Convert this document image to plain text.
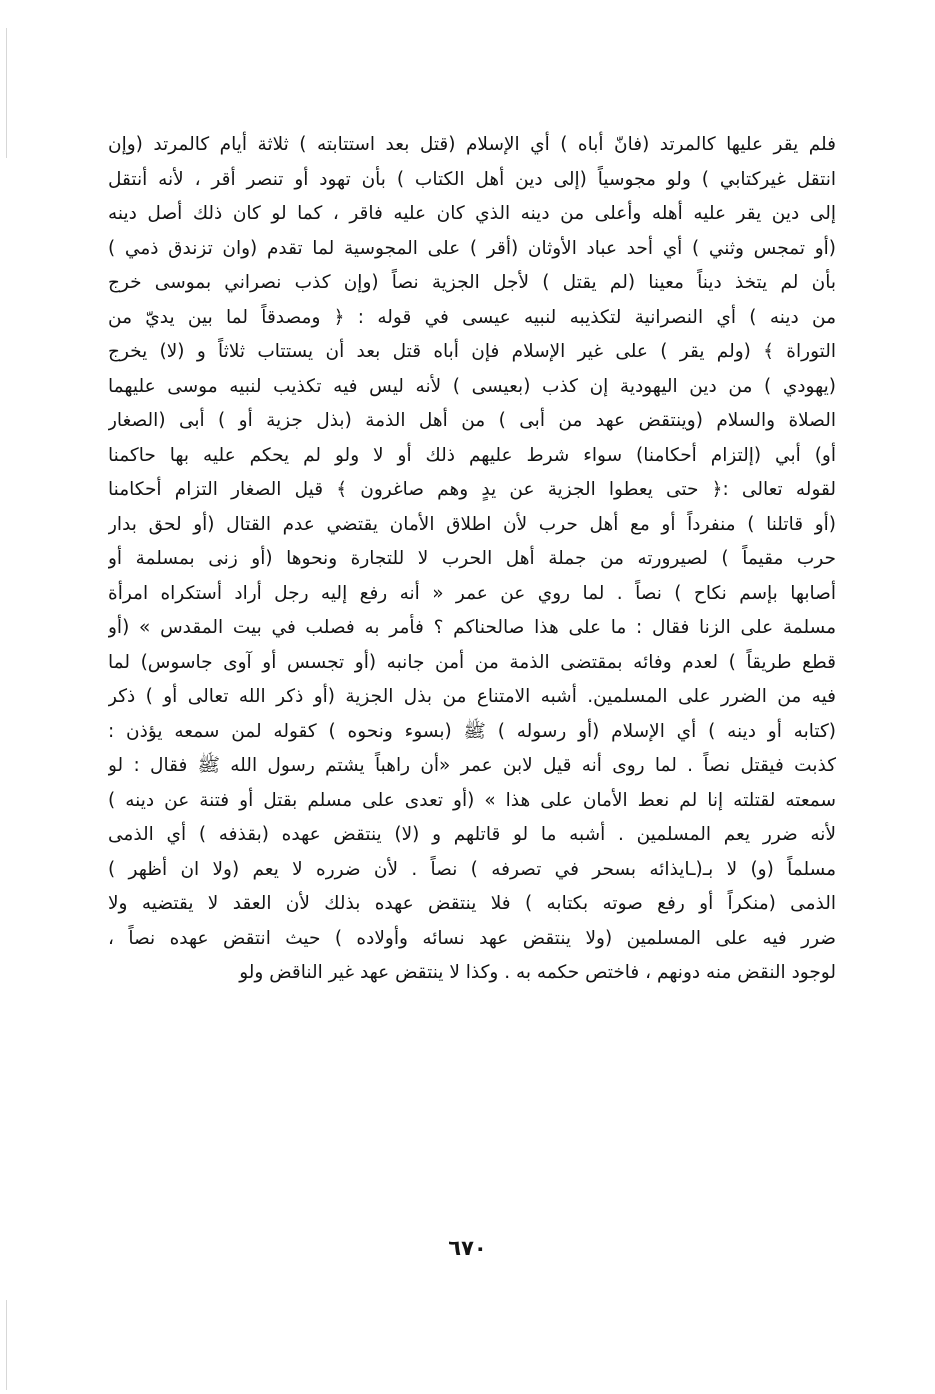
فلم يقر عليها كالمرتد (فانّ أباه ) أي الإسلام (قتل بعد استتابته ) ثلاثة أيام كالمرتد (وإن
انتقل غيركتابي ) ولو مجوسياً (إلى دين أهل الكتاب ) بأن تهود أو تنصر أقر ، لأنه أنتقل
إلى دين يقر عليه أهله وأعلى من دينه الذي كان عليه فاقر ، كما لو كان ذلك أصل دينه
(أو تمجس وثني ) أي أحد عباد الأوثان (أقر ) على المجوسية لما تقدم (وان تزندق ذمي )
بأن لم يتخذ ديناً معينا (لم يقتل ) لأجل الجزية نصاً (وإن كذب نصراني بموسى خرج
من دينه ) أي النصرانية لتكذيبه لنبيه عيسى في قوله : ﴿ ومصدقاً لما بين يديّ من
التوراة ﴾ (ولم يقر ) على غير الإسلام فإن أباه قتل بعد أن يستتاب ثلاثاً و (لا) يخرج
(يهودي ) من دين اليهودية إن كذب (بعيسى ) لأنه ليس فيه تكذيب لنبيه موسى عليهما
الصلاة والسلام (وينتقض عهد من أبى ) من أهل الذمة (بذل جزية أو ) أبى (الصغار
أو) أبي (إلتزام أحكامنا) سواء شرط عليهم ذلك أو لا ولو لم يحكم عليه بها حاكمنا
لقوله تعالى :﴿ حتى يعطوا الجزية عن يدٍ وهم صاغرون ﴾ قيل الصغار التزام أحكامنا
(أو قاتلنا ) منفرداً أو مع أهل حرب لأن اطلاق الأمان يقتضي عدم القتال (أو لحق بدار
حرب مقيماً ) لصيرورته من جملة أهل الحرب لا للتجارة ونحوها (أو زنى بمسلمة أو
أصابها بإسم نكاح ) نصاً . لما روي عن عمر « أنه رفع إليه رجل أراد أستكراه امرأة
مسلمة على الزنا فقال : ما على هذا صالحناكم ؟ فأمر به فصلب في بيت المقدس » (أو
قطع طريقاً ) لعدم وفائه بمقتضى الذمة من أمن جانبه (أو تجسس أو آوى جاسوس) لما
فيه من الضرر على المسلمين. أشبه الامتناع من بذل الجزية (أو ذكر الله تعالى أو ) ذكر
(كتابه أو دينه ) أي الإسلام (أو رسوله ) ﷺ (بسوء ونحوه ) كقوله لمن سمعه يؤذن :
كذبت فيقتل نصاً . لما روى أنه قيل لابن عمر «أن راهباً يشتم رسول الله ﷺ فقال : لو
سمعته لقتلته إنا لم نعط الأمان على هذا » (أو تعدى على مسلم بقتل أو فتنة عن دينه )
لأنه ضرر يعم المسلمين . أشبه ما لو قاتلهم و (لا) ينتقض عهده (بقذفه ) أي الذمى
مسلماً (و) لا بـ(ـايذائه بسحر في تصرفه ) نصاً . لأن ضرره لا يعم (ولا ان أظهر )
الذمى (منكراً أو رفع صوته بكتابه ) فلا ينتقض عهده بذلك لأن العقد لا يقتضيه ولا
ضرر فيه على المسلمين (ولا ينتقض عهد نسائه وأولاده ) حيث انتقض عهده نصاً ،
لوجود النقض منه دونهم ، فاختص حكمه به . وكذا لا ينتقض عهد غير الناقض ولو
٦٧٠
